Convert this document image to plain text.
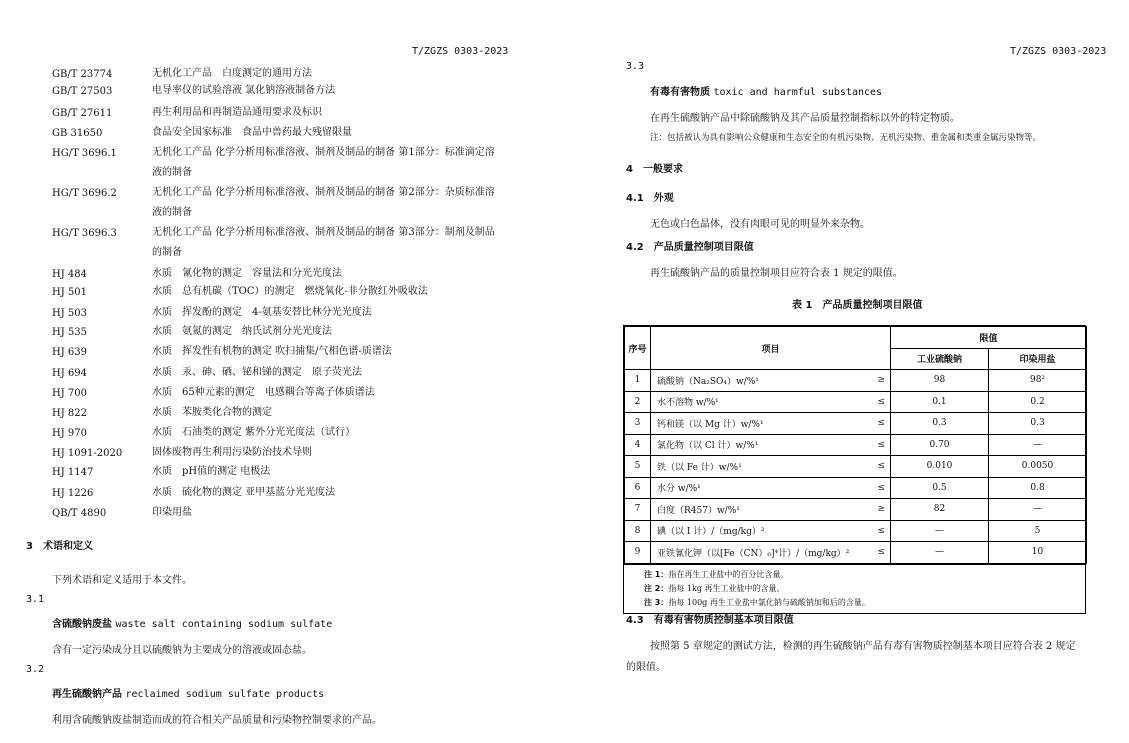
T/ZGZS 0303-2023
GB/T 23774	无机化工产品　白度测定的通用方法
GB/T 27503	电导率仪的试验溶液 氯化钠溶液制备方法
GB/T 27611	再生利用品和再制造品通用要求及标识
GB 31650	食品安全国家标准　食品中兽药最大残留限量
HG/T 3696.1	无机化工产品 化学分析用标准溶液、制剂及制品的制备 第1部分：标准滴定溶液的制备
HG/T 3696.2	无机化工产品 化学分析用标准溶液、制剂及制品的制备 第2部分：杂质标准溶液的制备
HG/T 3696.3	无机化工产品 化学分析用标准溶液、制剂及制品的制备 第3部分：制剂及制品的制备
HJ 484	水质　氰化物的测定　容量法和分光光度法
HJ 501	水质　总有机碳（TOC）的测定　燃烧氧化-非分散红外吸收法
HJ 503	水质　挥发酚的测定　4-氨基安替比林分光光度法
HJ 535	水质　氨氮的测定　纳氏试剂分光光度法
HJ 639	水质　挥发性有机物的测定 吹扫捕集/气相色谱-质谱法
HJ 694	水质　汞、砷、硒、铋和锑的测定　原子荧光法
HJ 700	水质　65种元素的测定　电感耦合等离子体质谱法
HJ 822	水质　苯胺类化合物的测定
HJ 970	水质　石油类的测定 紫外分光光度法（试行）
HJ 1091-2020	固体废物再生利用污染防治技术导则
HJ 1147	水质　pH值的测定 电极法
HJ 1226	水质　硫化物的测定 亚甲基蓝分光光度法
QB/T 4890	印染用盐
3　术语和定义
下列术语和定义适用于本文件。
3.1
含硫酸钠废盐 waste salt containing sodium sulfate
含有一定污染成分且以硫酸钠为主要成分的溶液或固态盐。
3.2
再生硫酸钠产品 reclaimed sodium sulfate products
利用含硫酸钠废盐制造而成的符合相关产品质量和污染物控制要求的产品。
T/ZGZS 0303-2023
3.3
有毒有害物质 toxic and harmful substances
在再生硫酸钠产品中除硫酸钠及其产品质量控制指标以外的特定物质。
注：包括被认为具有影响公众健康和生态安全的有机污染物、无机污染物、重金属和类重金属污染物等。
4　一般要求
4.1　外观
无色或白色晶体，没有肉眼可见的明显外来杂物。
4.2　产品质量控制项目限值
再生硫酸钠产品的质量控制项目应符合表 1 规定的限值。
表 1　产品质量控制项目限值
序号	项目		限值	
			工业硫酸钠	印染用盐
1	硫酸钠（Na₂SO₄）w/%¹	≥	98	98²
2	水不溶物 w/%¹	≤	0.1	0.2
3	钙和镁（以 Mg 计）w/%¹	≤	0.3	0.3
4	氯化物（以 Cl 计）w/%¹	≤	0.70	—
5	铁（以 Fe 计）w/%¹	≤	0.010	0.0050
6	水分 w/%¹	≤	0.5	0.8
7	白度（R457）w/%¹	≥	82	—
8	碘（以 I 计）/（mg/kg）²	≤	—	5
9	亚铁氰化钾（以[Fe（CN）₆]⁴计）/（mg/kg）²	≤	—	10
注 1：指在再生工业盐中的百分比含量。
注 2：指每 1kg 再生工业盐中的含量。
注 3：指每 100g 再生工业盐中氯化钠与硫酸钠加和后的含量。
4.3　有毒有害物质控制基本项目限值
按照第 5 章规定的测试方法，检测的再生硫酸钠产品有毒有害物质控制基本项目应符合表 2 规定
的限值。
